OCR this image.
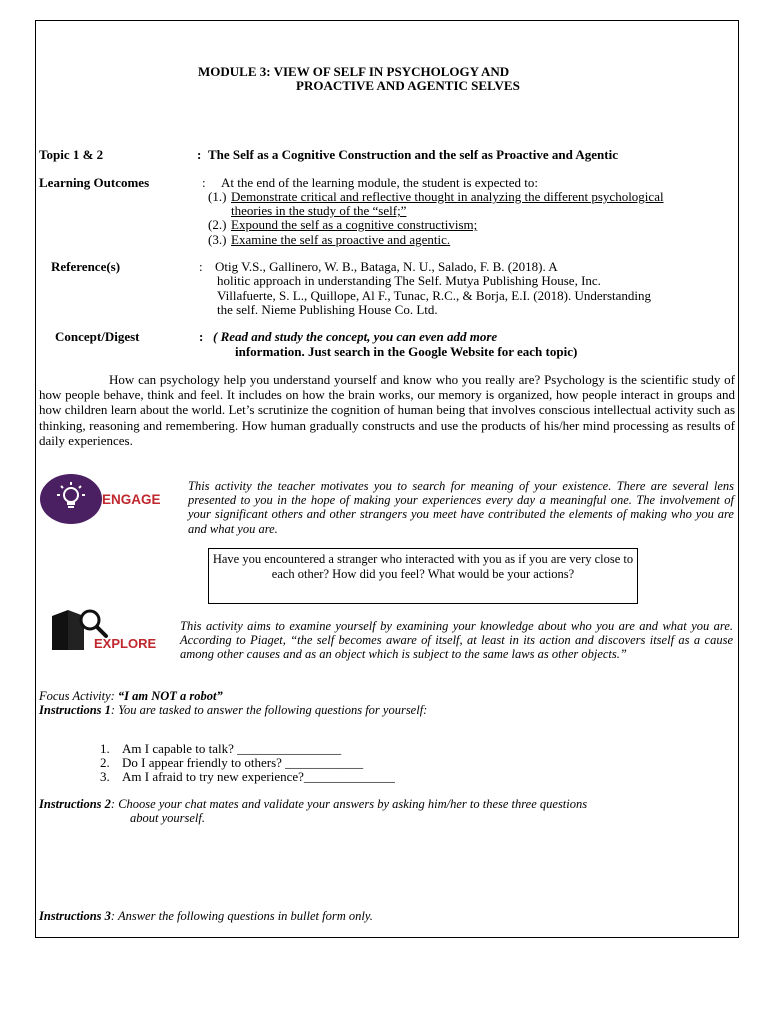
MODULE 3: VIEW OF SELF IN PSYCHOLOGY AND
PROACTIVE AND AGENTIC SELVES
Topic 1 & 2	: The Self as a Cognitive Construction and the self as Proactive and Agentic
Learning Outcomes	: At the end of the learning module, the student is expected to:
(1.) Demonstrate critical and reflective thought in analyzing the different psychological
theories in the study of the “self;”
(2.) Expound the self as a cognitive constructivism;
(3.) Examine the self as proactive and agentic.
Reference(s)	: Otig V.S., Gallinero, W. B., Bataga, N. U., Salado, F. B. (2018). A
holitic approach in understanding The Self. Mutya Publishing House, Inc.
Villafuerte, S. L., Quillope, Al F., Tunac, R.C., & Borja, E.I. (2018). Understanding
the self. Nieme Publishing House Co. Ltd.
Concept/Digest	: ( Read and study the concept, you can even add more
information. Just search in the Google Website for each topic)
How can psychology help you understand yourself and know who you really are? Psychology is the scientific study of how people behave, think and feel. It includes on how the brain works, our memory is organized, how people interact in groups and how children learn about the world. Let’s scrutinize the cognition of human being that involves conscious intellectual activity such as thinking, reasoning and remembering. How human gradually constructs and use the products of his/her mind processing as results of daily experiences.
ENGAGE
This activity the teacher motivates you to search for meaning of your existence. There are several lens presented to you in the hope of making your experiences every day a meaningful one. The involvement of your significant others and other strangers you meet have contributed the elements of making who you are and what you are.
Have you encountered a stranger who interacted with you as if you are very close to each other? How did you feel? What would be your actions?
EXPLORE
This activity aims to examine yourself by examining your knowledge about who you are and what you are. According to Piaget, “the self becomes aware of itself, at least in its action and discovers itself as a cause among other causes and as an object which is subject to the same laws as other objects.”
Focus Activity: “I am NOT a robot”
Instructions 1: You are tasked to answer the following questions for yourself:
1. Am I capable to talk? ________________
2. Do I appear friendly to others? ____________
3. Am I afraid to try new experience?______________
Instructions 2: Choose your chat mates and validate your answers by asking him/her to these three questions
about yourself.
Instructions 3: Answer the following questions in bullet form only.
